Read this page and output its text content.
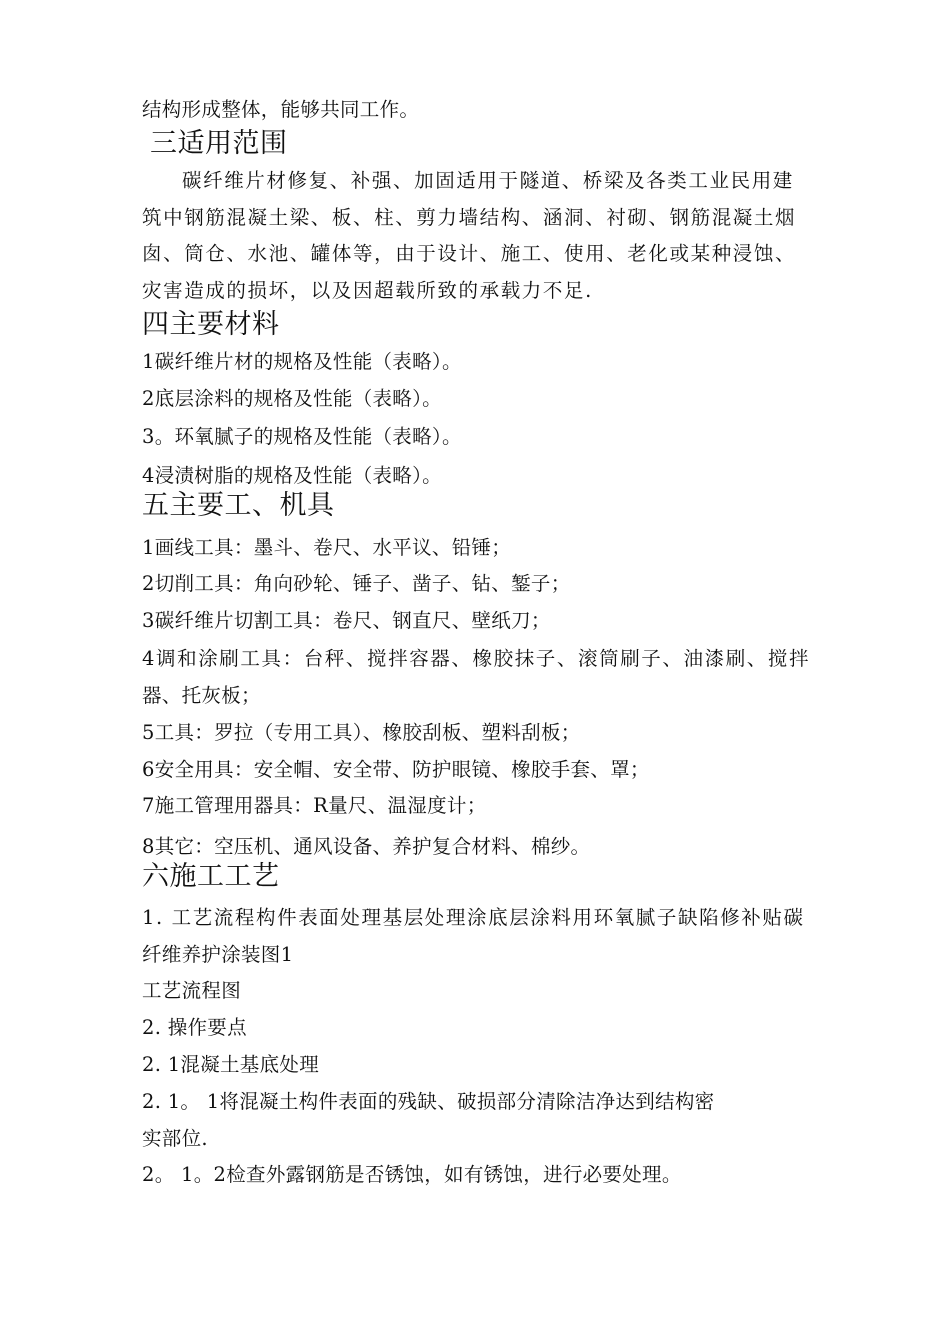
结构形成整体，能够共同工作。
三适用范围
碳纤维片材修复、补强、加固适用于隧道、桥梁及各类工业民用建
筑中钢筋混凝土梁、板、柱、剪力墙结构、涵洞、衬砌、钢筋混凝土烟
囱、筒仓、水池、罐体等，由于设计、施工、使用、老化或某种浸蚀、
灾害造成的损坏，以及因超载所致的承载力不足.
四主要材料
1碳纤维片材的规格及性能（表略）。
2底层涂料的规格及性能（表略）。
3。环氧腻子的规格及性能（表略）。
4浸渍树脂的规格及性能（表略）。
五主要工、机具
1画线工具：墨斗、卷尺、水平议、铅锤；
2切削工具：角向砂轮、锤子、凿子、钻、錾子；
3碳纤维片切割工具：卷尺、钢直尺、壁纸刀；
4调和涂刷工具：台秤、搅拌容器、橡胶抹子、滚筒刷子、油漆刷、搅拌
器、托灰板；
5工具：罗拉（专用工具）、橡胶刮板、塑料刮板；
6安全用具：安全帽、安全带、防护眼镜、橡胶手套、罩；
7施工管理用器具：R量尺、温湿度计；
8其它：空压机、通风设备、养护复合材料、棉纱。
六施工工艺
1. 工艺流程构件表面处理基层处理涂底层涂料用环氧腻子缺陷修补贴碳
纤维养护涂装图1
工艺流程图
2. 操作要点
2. 1混凝土基底处理
2. 1。 1将混凝土构件表面的残缺、破损部分清除洁净达到结构密
实部位.
2。 1。2检查外露钢筋是否锈蚀，如有锈蚀，进行必要处理。
